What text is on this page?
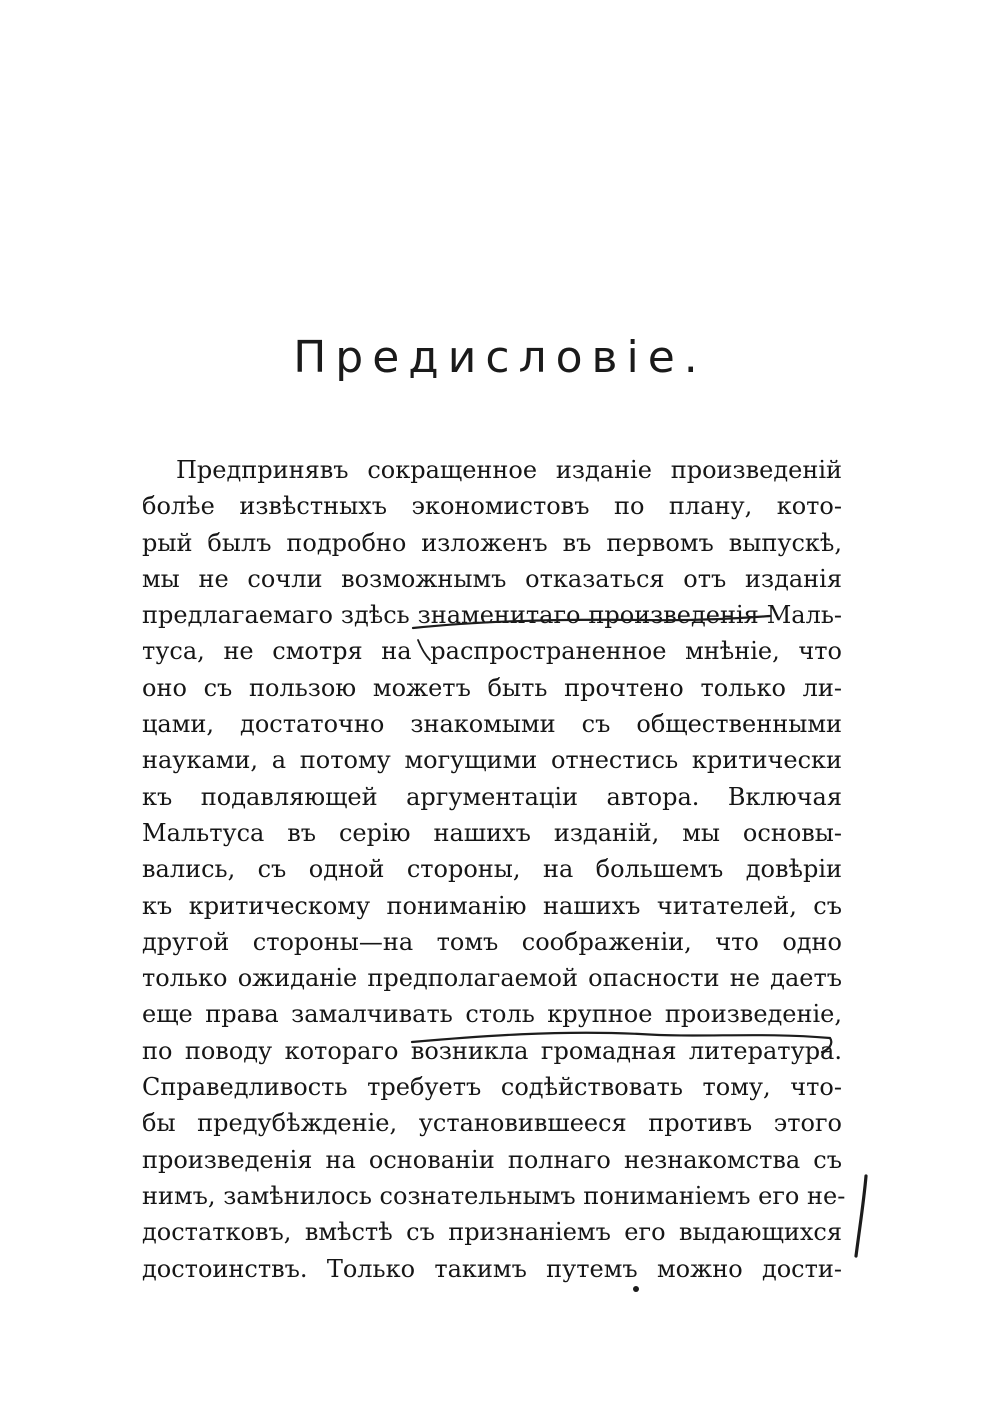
Предисловіе.
Предпринявъ сокращенное изданіе произведеній
болѣе извѣстныхъ экономистовъ по плану, кото-
рый былъ подробно изложенъ въ первомъ выпускѣ,
мы не сочли возможнымъ отказаться отъ изданія
предлагаемаго здѣсь знаменитаго произведенія Маль-
туса, не смотря на распространенное мнѣніе, что
оно съ пользою можетъ быть прочтено только ли-
цами, достаточно знакомыми съ общественными
науками, а потому могущими отнестись критически
къ подавляющей аргументаціи автора. Включая
Мальтуса въ серію нашихъ изданій, мы основы-
вались, съ одной стороны, на большемъ довѣріи
къ критическому пониманію нашихъ читателей, съ
другой стороны—на томъ соображеніи, что одно
только ожиданіе предполагаемой опасности не даетъ
еще права замалчивать столь крупное произведеніе,
по поводу котораго возникла громадная литература.
Справедливость требуетъ содѣйствовать тому, что-
бы предубѣжденіе, установившееся противъ этого
произведенія на основаніи полнаго незнакомства съ
нимъ, замѣнилось сознательнымъ пониманіемъ его не-
достатковъ, вмѣстѣ съ признаніемъ его выдающихся
достоинствъ. Только такимъ путемъ можно дости-
